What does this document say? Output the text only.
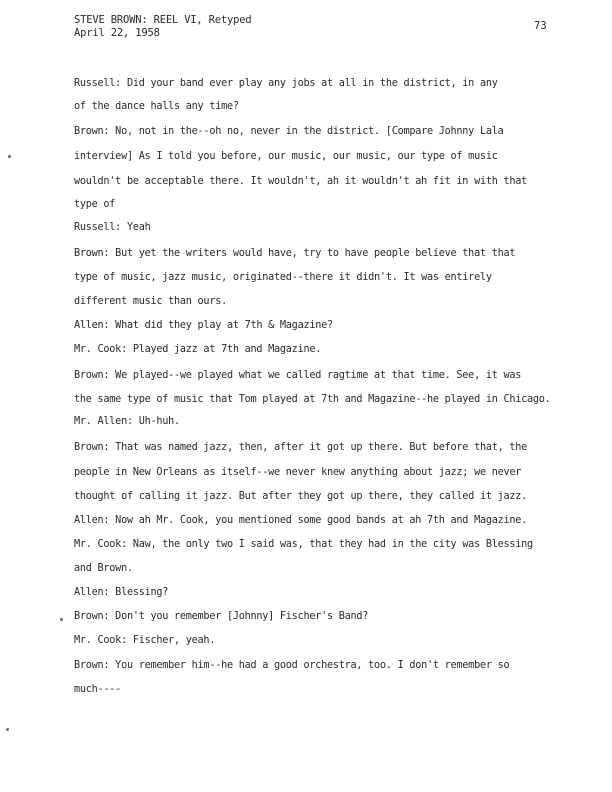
STEVE BROWN: REEL VI, Retyped
April 22, 1958
73
Russell: Did your band ever play any jobs at all in the district, in any
of the dance halls any time?
Brown: No, not in the--oh no, never in the district. [Compare Johnny Lala
interview] As I told you before, our music, our music, our type of music
wouldn't be acceptable there. It wouldn't, ah it wouldn't ah fit in with that
type of
Russell: Yeah
Brown: But yet the writers would have, try to have people believe that that
type of music, jazz music, originated--there it didn't. It was entirely
different music than ours.
Allen: What did they play at 7th & Magazine?
Mr. Cook: Played jazz at 7th and Magazine.
Brown: We played--we played what we called ragtime at that time. See, it was
the same type of music that Tom played at 7th and Magazine--he played in Chicago.
Mr. Allen: Uh-huh.
Brown: That was named jazz, then, after it got up there. But before that, the
people in New Orleans as itself--we never knew anything about jazz; we never
thought of calling it jazz. But after they got up there, they called it jazz.
Allen: Now ah Mr. Cook, you mentioned some good bands at ah 7th and Magazine.
Mr. Cook: Naw, the only two I said was, that they had in the city was Blessing
and Brown.
Allen: Blessing?
Brown: Don't you remember [Johnny] Fischer's Band?
Mr. Cook: Fischer, yeah.
Brown: You remember him--he had a good orchestra, too. I don't remember so
much----
